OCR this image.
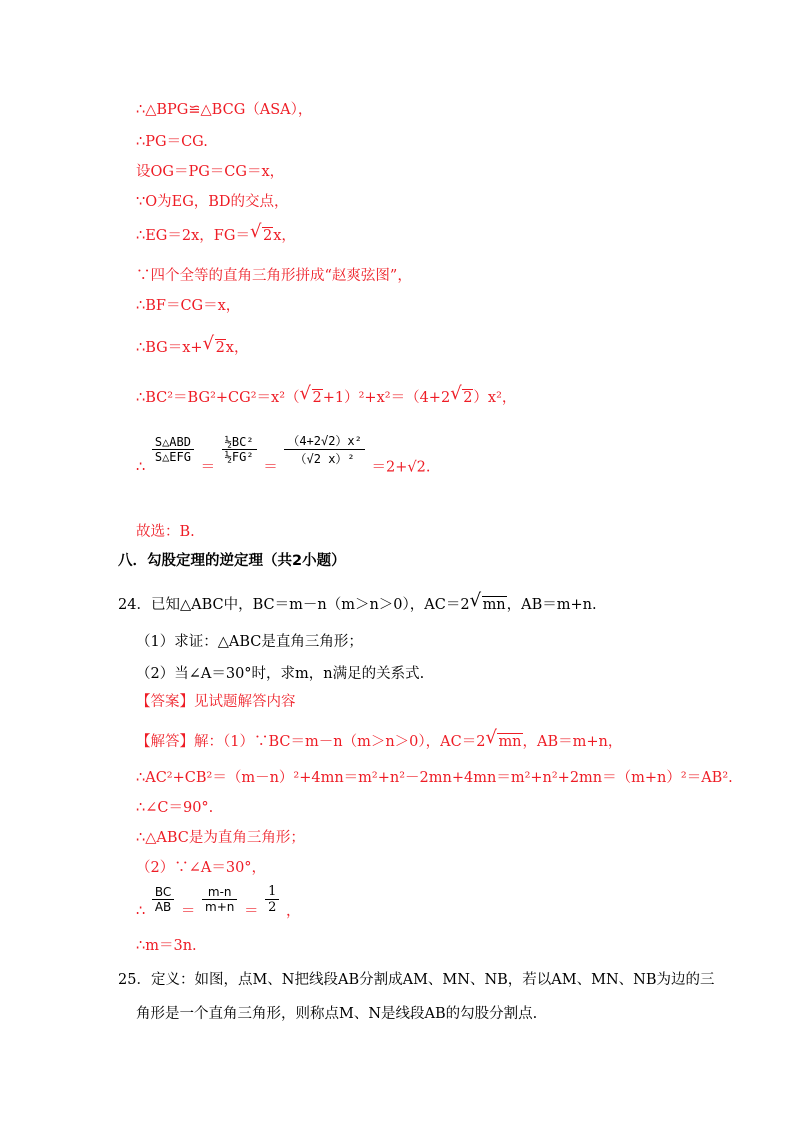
∴△BPG≌△BCG（ASA），
∴PG＝CG.
设OG＝PG＝CG＝x，
∵O为EG，BD的交点，
∴EG＝2x，FG＝ √ 2x，
∵四个全等的直角三角形拼成“赵爽弦图”，
∴BF＝CG＝x，
∴BG＝x+ √ 2x，
∴BC²＝BG²+CG²＝x²（ √ 2+1）²+x²＝（4+2 √ 2）x²，
∴
$\frac{\text{S△ABD}}{\text{S△EFG}}$
＝
$\frac{\text{½BC²}}{\text{½FG²}}$
＝
$\frac{\text{（4+2√2）x²}}{\text{（√2 x）²}}$
＝2+√2.
故选：B.
八．勾股定理的逆定理（共2小题）
24．已知△ABC中，BC＝m－n（m＞n＞0），AC＝2 √ mn，AB＝m+n.
（1）求证：△ABC是直角三角形；
（2）当∠A＝30°时，求m，n满足的关系式.
【答案】见试题解答内容
【解答】解：（1）∵BC＝m－n（m＞n＞0），AC＝2 √ mn，AB＝m+n，
∴AC²+CB²＝（m－n）²+4mn＝m²+n²－2mn+4mn＝m²+n²+2mn＝（m+n）²＝AB².
∴∠C＝90°.
∴△ABC是为直角三角形；
（2）∵∠A＝30°，
∴ $\frac{BC}{AB} = \frac{m-n}{m+n} = \frac{1}{2}$ ，
∴m＝3n.
25．定义：如图，点M、N把线段AB分割成AM、MN、NB，若以AM、MN、NB为边的三
角形是一个直角三角形，则称点M、N是线段AB的勾股分割点.
